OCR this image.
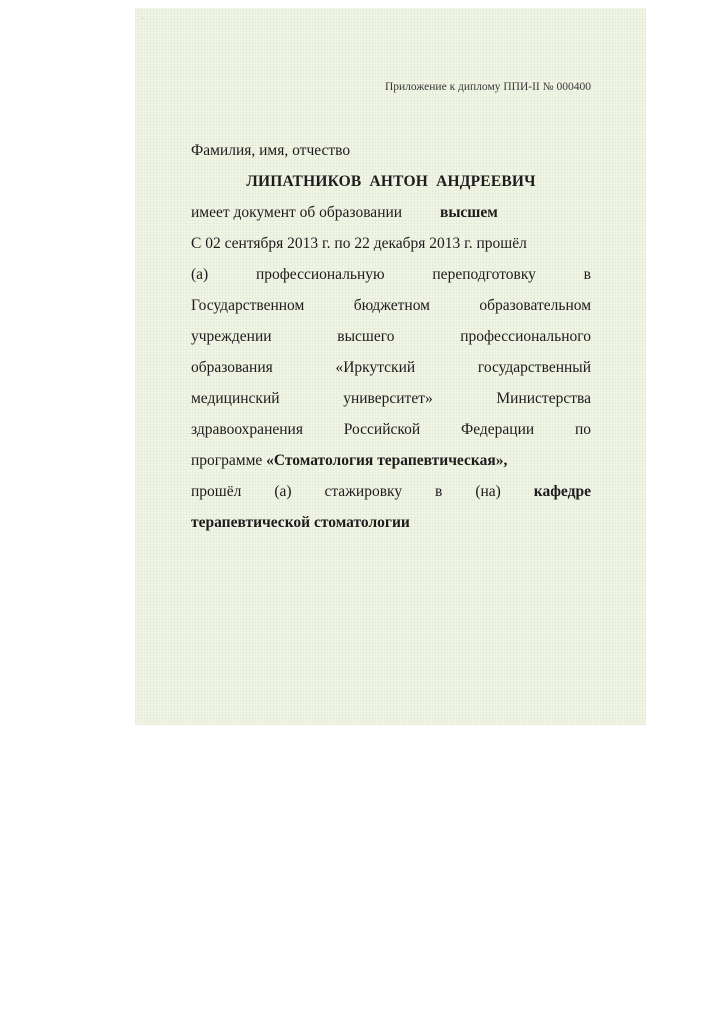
·
Приложение к диплому ППИ-II № 000400
Фамилия, имя, отчество
ЛИПАТНИКОВ АНТОН АНДРЕЕВИЧ
имеет документ об образовании высшем
С 02 сентября 2013 г. по 22 декабря 2013 г. прошёл
(а)	профессиональную	переподготовку	в
Государственном	бюджетном	образовательном
учреждении	высшего	профессионального
образования	«Иркутский	государственный
медицинский	университет»	Министерства
здравоохранения	Российской	Федерации	по
программе «Стоматология терапевтическая»,
прошёл (а) стажировку в (на) кафедре
терапевтической стоматологии
